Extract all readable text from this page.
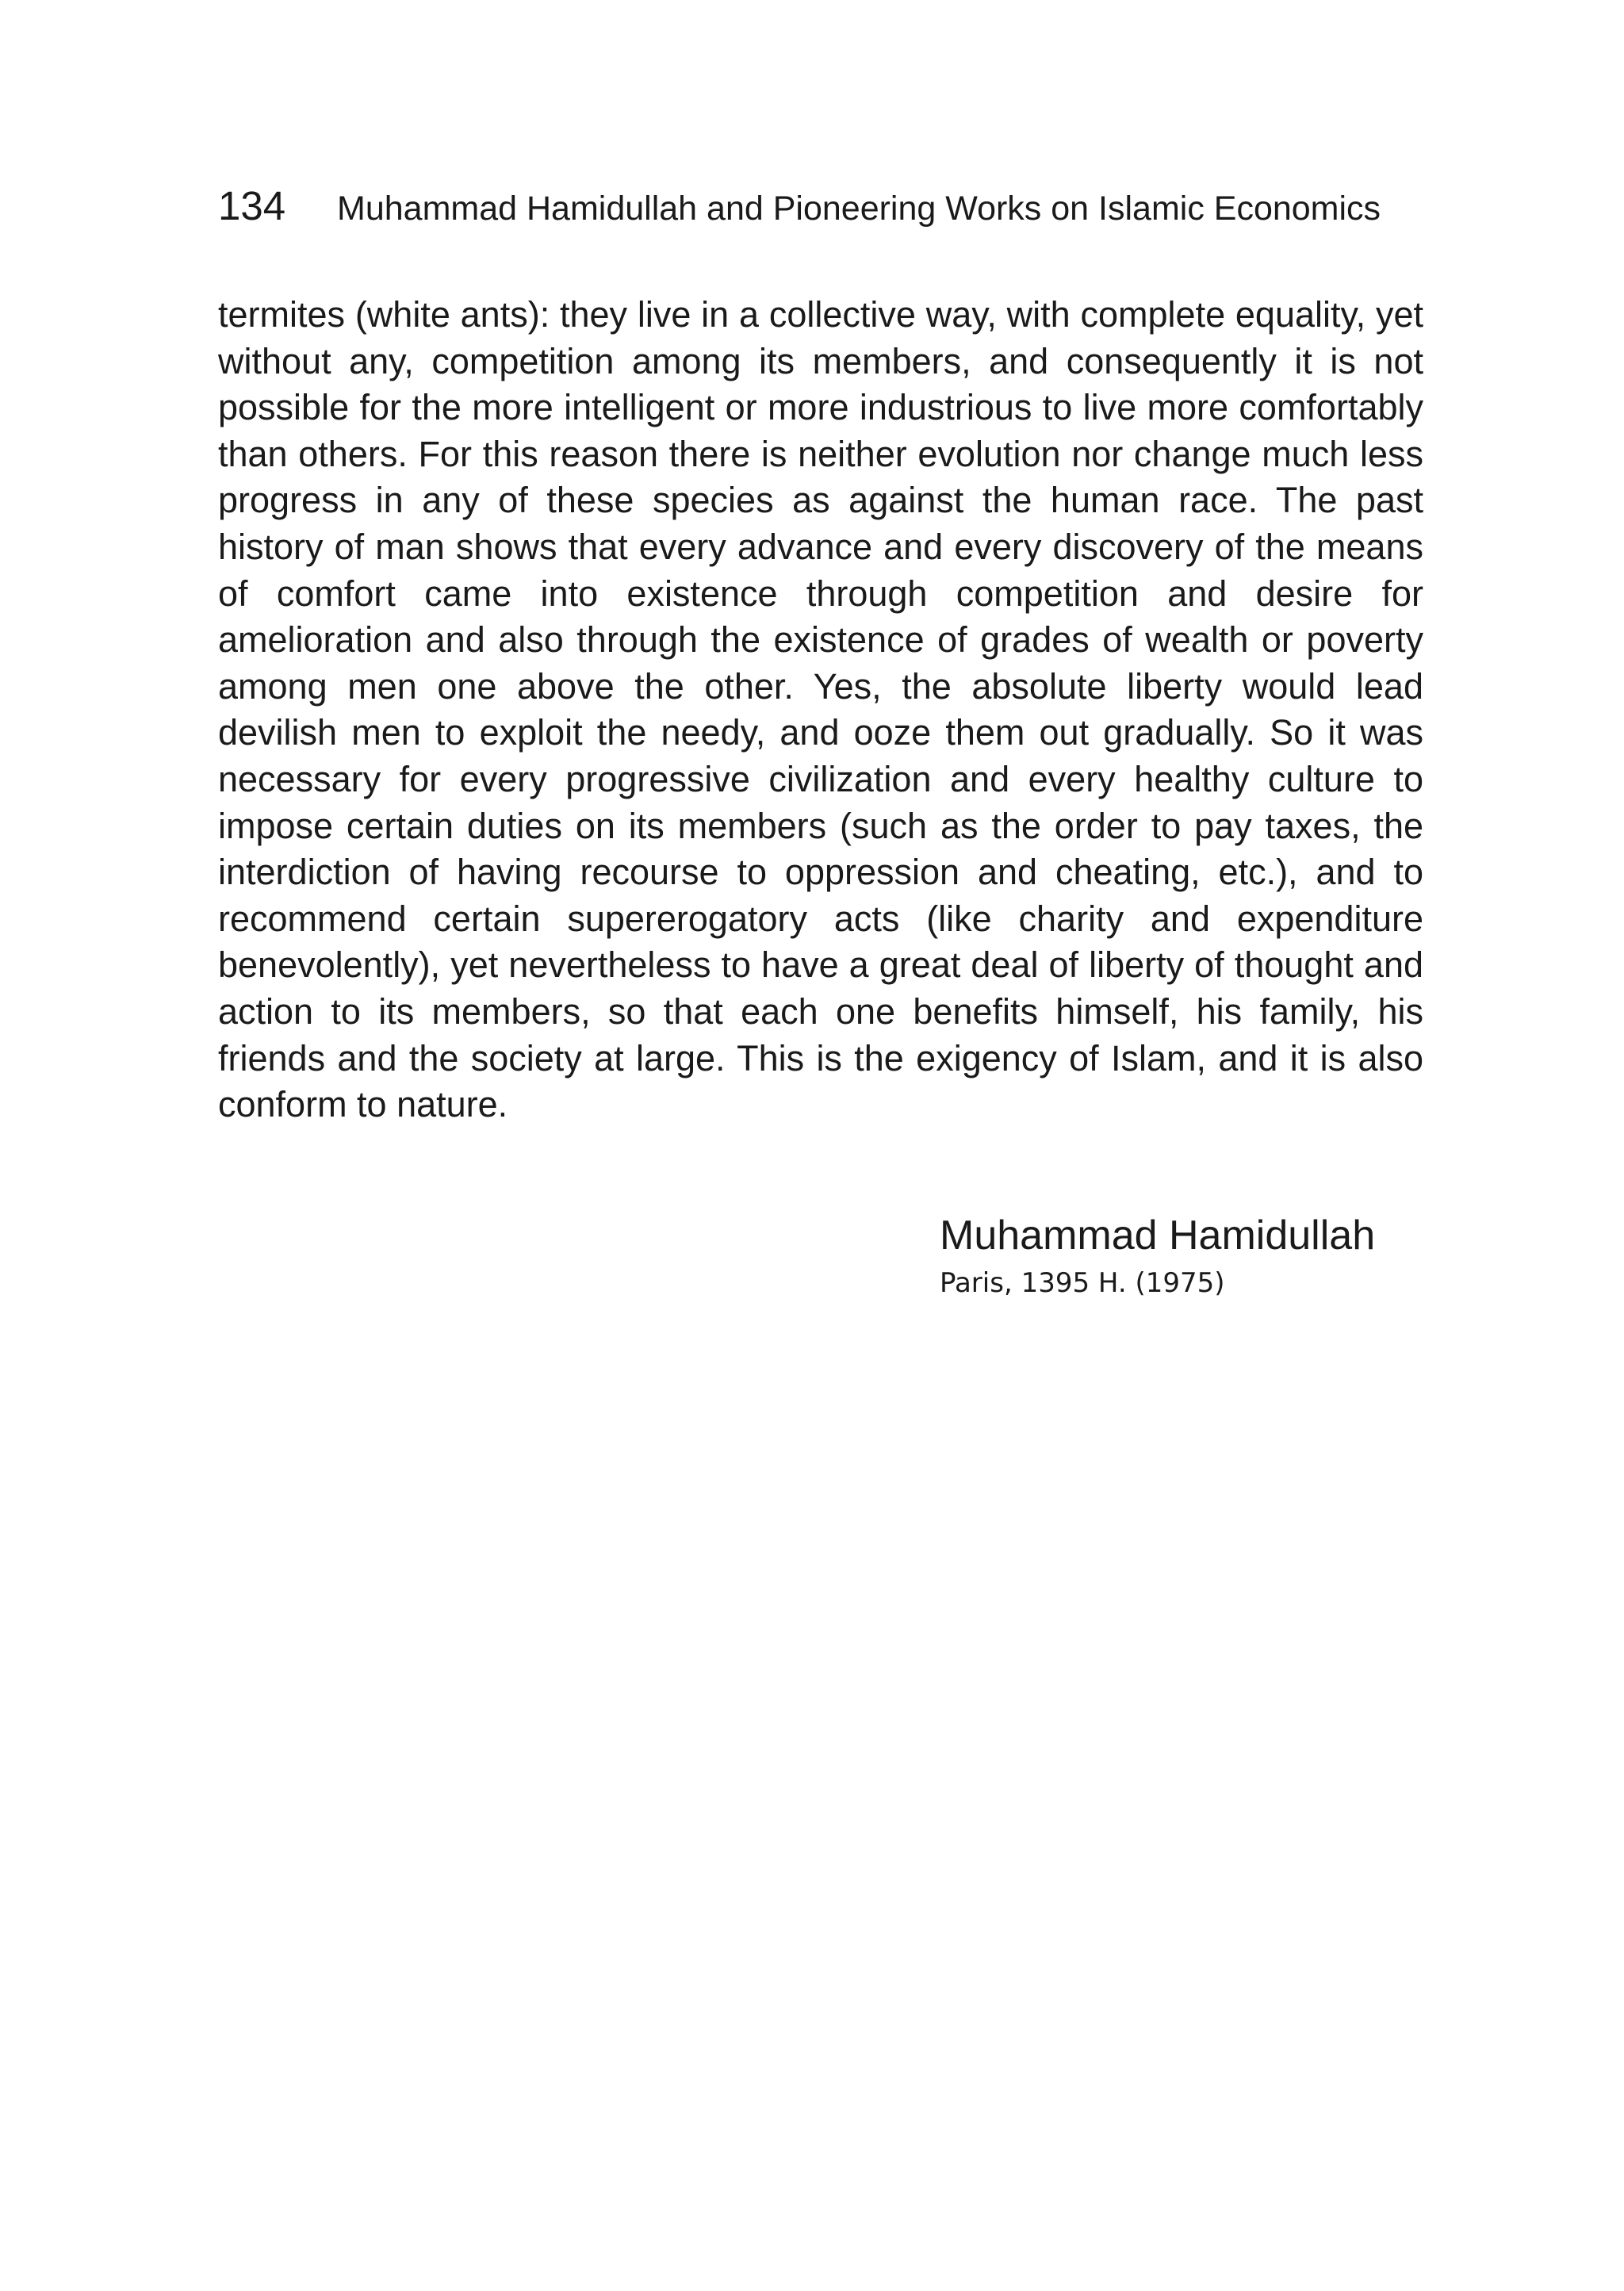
134	Muhammad Hamidullah and Pioneering Works on Islamic Economics

termites (white ants): they live in a collective way, with complete equality, yet without any, competition among its members, and consequently it is not possible for the more intelligent or more industrious to live more comfortably than others. For this reason there is neither evolution nor change much less progress in any of these species as against the human race. The past history of man shows that every advance and every discovery of the means of comfort came into existence through competition and desire for amelioration and also through the existence of grades of wealth or poverty among men one above the other. Yes, the absolute liberty would lead devilish men to exploit the needy, and ooze them out gradually. So it was necessary for every progressive civilization and every healthy culture to impose certain duties on its members (such as the order to pay taxes, the interdiction of having recourse to oppression and cheating, etc.), and to recommend certain supererogatory acts (like charity and expenditure benevolently), yet nevertheless to have a great deal of liberty of thought and action to its members, so that each one benefits himself, his family, his friends and the society at large. This is the exigency of Islam, and it is also conform to nature.

Muhammad Hamidullah
Paris, 1395 H. (1975)
